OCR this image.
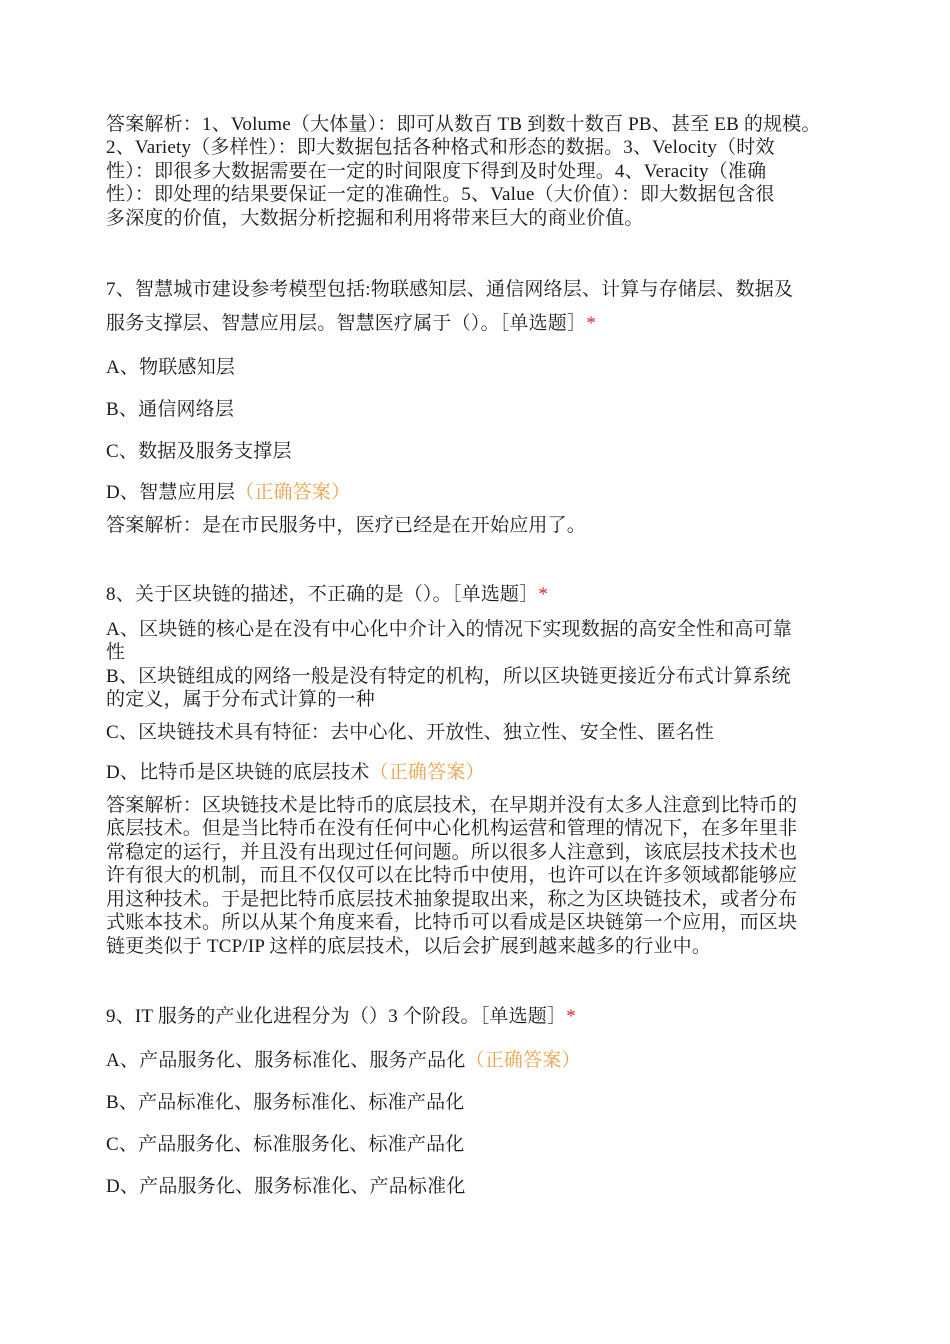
答案解析：1、Volume（大体量）：即可从数百 TB 到数十数百 PB、甚至 EB 的规模。
2、Variety（多样性）：即大数据包括各种格式和形态的数据。3、Velocity（时效
性）：即很多大数据需要在一定的时间限度下得到及时处理。4、Veracity（准确
性）：即处理的结果要保证一定的准确性。5、Value（大价值）：即大数据包含很
多深度的价值，大数据分析挖掘和利用将带来巨大的商业价值。
7、智慧城市建设参考模型包括:物联感知层、通信网络层、计算与存储层、数据及
服务支撑层、智慧应用层。智慧医疗属于（）。［单选题］*
A、物联感知层
B、通信网络层
C、数据及服务支撑层
D、智慧应用层（正确答案）
答案解析：是在市民服务中，医疗已经是在开始应用了。
8、关于区块链的描述，不正确的是（）。［单选题］*
A、区块链的核心是在没有中心化中介计入的情况下实现数据的高安全性和高可靠
性
B、区块链组成的网络一般是没有特定的机构，所以区块链更接近分布式计算系统
的定义，属于分布式计算的一种
C、区块链技术具有特征：去中心化、开放性、独立性、安全性、匿名性
D、比特币是区块链的底层技术（正确答案）
答案解析：区块链技术是比特币的底层技术，在早期并没有太多人注意到比特币的
底层技术。但是当比特币在没有任何中心化机构运营和管理的情况下，在多年里非
常稳定的运行，并且没有出现过任何问题。所以很多人注意到，该底层技术技术也
许有很大的机制，而且不仅仅可以在比特币中使用，也许可以在许多领域都能够应
用这种技术。于是把比特币底层技术抽象提取出来，称之为区块链技术，或者分布
式账本技术。所以从某个角度来看，比特币可以看成是区块链第一个应用，而区块
链更类似于 TCP/IP 这样的底层技术，以后会扩展到越来越多的行业中。
9、IT 服务的产业化进程分为（）3 个阶段。［单选题］*
A、产品服务化、服务标准化、服务产品化（正确答案）
B、产品标准化、服务标准化、标准产品化
C、产品服务化、标准服务化、标准产品化
D、产品服务化、服务标准化、产品标准化
